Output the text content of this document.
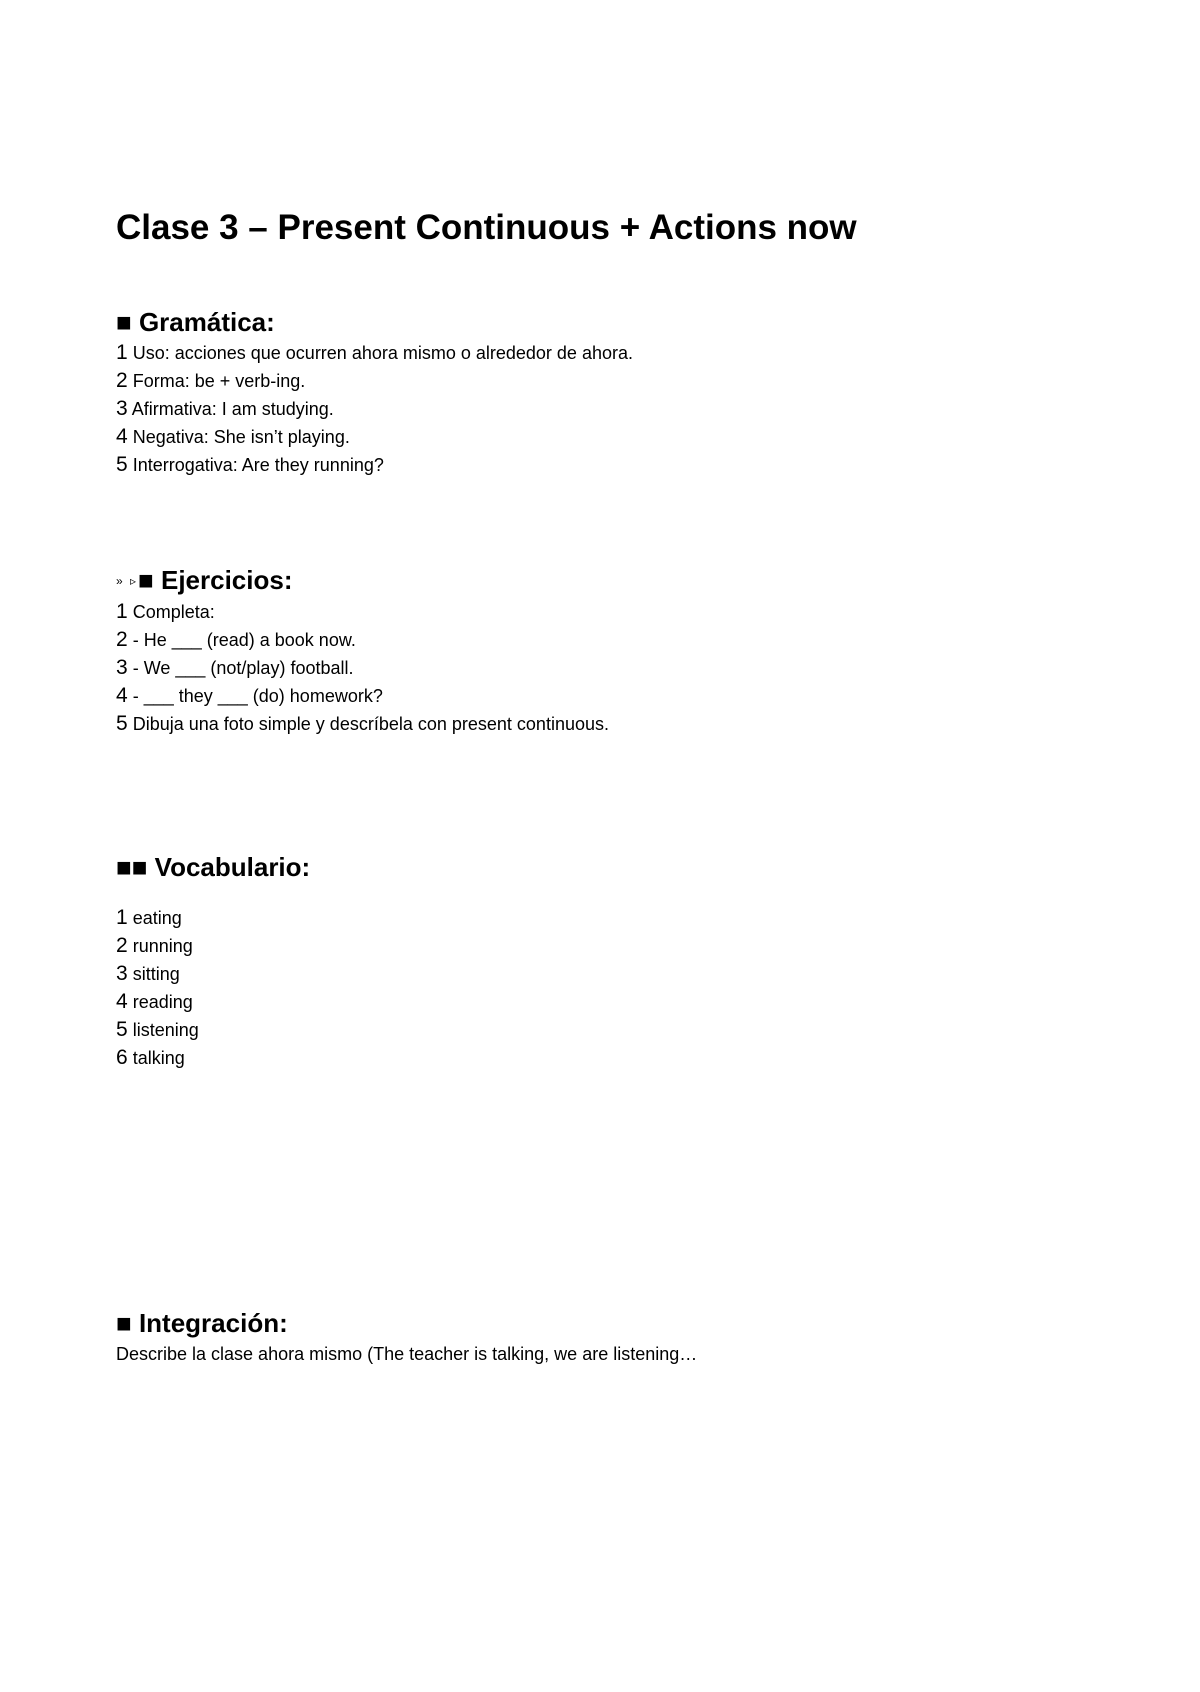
Clase 3 – Present Continuous + Actions now
■ Gramática:
1 Uso: acciones que ocurren ahora mismo o alrededor de ahora.
2 Forma: be + verb-ing.
3 Afirmativa: I am studying.
4 Negativa: She isn’t playing.
5 Interrogativa: Are they running?
» ▹■ Ejercicios:
1 Completa:
2 - He ___ (read) a book now.
3 - We ___ (not/play) football.
4 - ___ they ___ (do) homework?
5 Dibuja una foto simple y descríbela con present continuous.
■■ Vocabulario:
1 eating
2 running
3 sitting
4 reading
5 listening
6 talking
■ Integración:
Describe la clase ahora mismo (The teacher is talking, we are listening…
